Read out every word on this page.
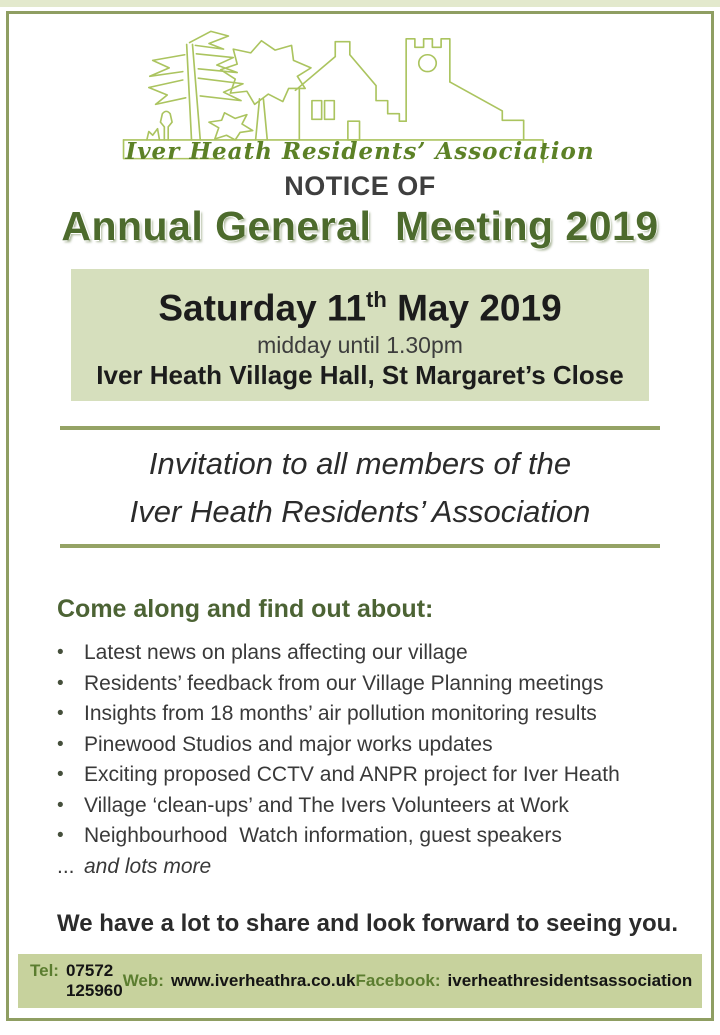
Iver Heath Residents’ Association
NOTICE OF
Annual General  Meeting 2019
Saturday 11th May 2019
midday until 1.30pm
Iver Heath Village Hall, St Margaret’s Close
Invitation to all members of the
Iver Heath Residents’ Association
Come along and find out about:
• Latest news on plans affecting our village
• Residents’ feedback from our Village Planning meetings
• Insights from 18 months’ air pollution monitoring results
• Pinewood Studios and major works updates
• Exciting proposed CCTV and ANPR project for Iver Heath
• Village ‘clean-ups’ and The Ivers Volunteers at Work
• Neighbourhood  Watch information, guest speakers
... and lots more
We have a lot to share and look forward to seeing you.
Tel: 07572  125960
Web: www.iverheathra.co.uk Facebook: iverheathresidentsassociation
